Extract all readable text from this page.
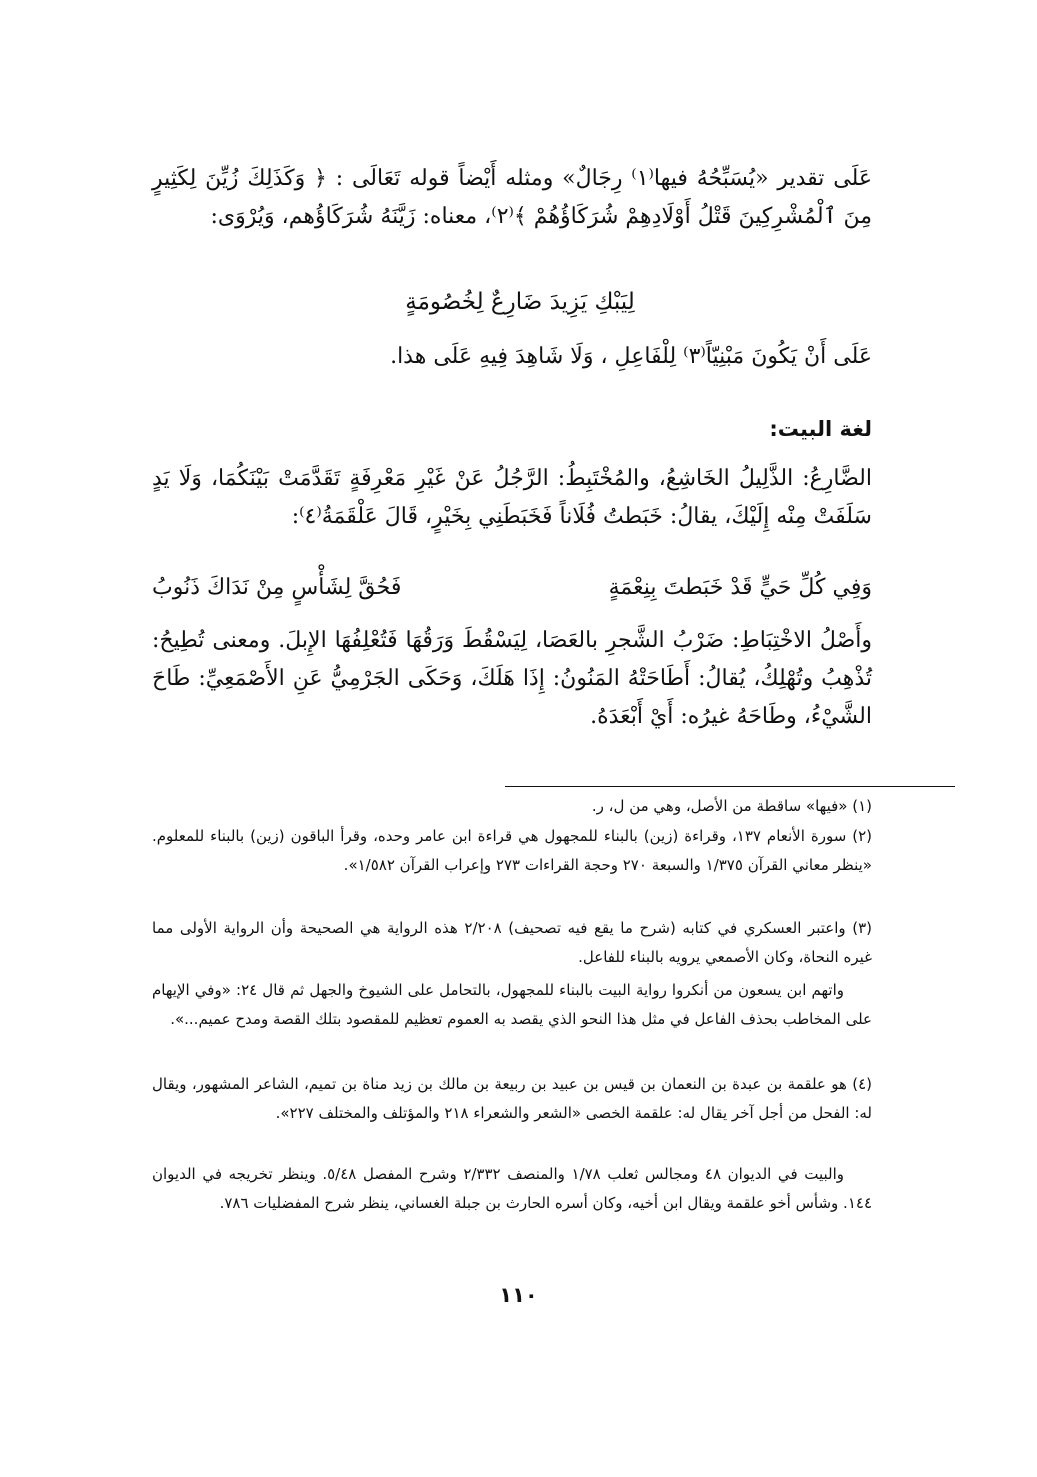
عَلَى تقدير «يُسَبِّحُهُ فيها⁽١⁾ رِجَالٌ» ومثله أَيْضاً قوله تَعَالَى : ﴿ وَكَذَلِكَ زُيِّنَ لِكَثِيرٍ مِنَ ٱلْمُشْرِكِينَ قَتْلُ أَوْلَادِهِمْ شُرَكَاؤُهُمْ ﴾⁽٢⁾، معناه: زَيَّنَهُ شُرَكَاؤُهم، وَيُرْوَى:
لِيَبْكِ يَزِيدَ ضَارِعٌ لِخُصُومَةٍ
عَلَى أَنْ يَكُونَ مَبْنِيّاً⁽٣⁾ لِلْفَاعِلِ ، وَلَا شَاهِدَ فِيهِ عَلَى هذا.
لغة البيت:
الضَّارِعُ: الذَّلِيلُ الخَاشِعُ، والمُخْتَبِطُ: الرَّجُلُ عَنْ غَيْرِ مَعْرِفَةٍ تَقَدَّمَتْ بَيْنَكُمَا، وَلَا يَدٍ سَلَفَتْ مِنْه إِلَيْكَ، يقالُ: خَبَطتُ فُلَاناً فَخَبَطَنِي بِخَيْرٍ، قَالَ عَلْقَمَةُ⁽٤⁾:
وَفِي كُلِّ حَيٍّ قَدْ خَبَطتَ بِنِعْمَةٍ
فَحُقَّ لِشَأْسٍ مِنْ نَدَاكَ ذَنُوبُ
وأَصْلُ الاخْتِبَاطِ: ضَرْبُ الشَّجرِ بالعَصَا، لِيَسْقُطَ وَرَقُهَا فَتُعْلِفُهَا الإِبلَ. ومعنى تُطِيحُ: تُذْهِبُ وتُهْلِكُ، يُقالُ: أَطَاحَتْهُ المَنُونُ: إِذَا هَلَكَ، وَحَكَى الجَرْمِيُّ عَنِ الأَصْمَعِيِّ: طَاحَ الشَّيْءُ، وطَاحَهُ غيرُه: أَيْ أَبْعَدَهُ.
(١) «فيها» ساقطة من الأصل، وهي من ل، ر.
(٢) سورة الأنعام ١٣٧، وقراءة (زين) بالبناء للمجهول هي قراءة ابن عامر وحده، وقرأ الباقون (زين) بالبناء للمعلوم. «ينظر معاني القرآن ١/٣٧٥ والسبعة ٢٧٠ وحجة القراءات ٢٧٣ وإعراب القرآن ١/٥٨٢».
(٣) واعتبر العسكري في كتابه (شرح ما يقع فيه تصحيف) ٢/٢٠٨ هذه الرواية هي الصحيحة وأن الرواية الأولى مما غيره النحاة، وكان الأصمعي يرويه بالبناء للفاعل.
واتهم ابن يسعون من أنكروا رواية البيت بالبناء للمجهول، بالتحامل على الشيوخ والجهل ثم قال ٢٤: «وفي الإيهام على المخاطب بحذف الفاعل في مثل هذا النحو الذي يقصد به العموم تعظيم للمقصود بتلك القصة ومدح عميم...».
(٤) هو علقمة بن عبدة بن النعمان بن قيس بن عبيد بن ربيعة بن مالك بن زيد مناة بن تميم، الشاعر المشهور، ويقال له: الفحل من أجل آخر يقال له: علقمة الخصى «الشعر والشعراء ٢١٨ والمؤتلف والمختلف ٢٢٧».
والبيت في الديوان ٤٨ ومجالس ثعلب ١/٧٨ والمنصف ٢/٣٣٢ وشرح المفصل ٥/٤٨. وينظر تخريجه في الديوان ١٤٤. وشأس أخو علقمة ويقال ابن أخيه، وكان أسره الحارث بن جبلة الغساني، ينظر شرح المفضليات ٧٨٦.
١١٠
